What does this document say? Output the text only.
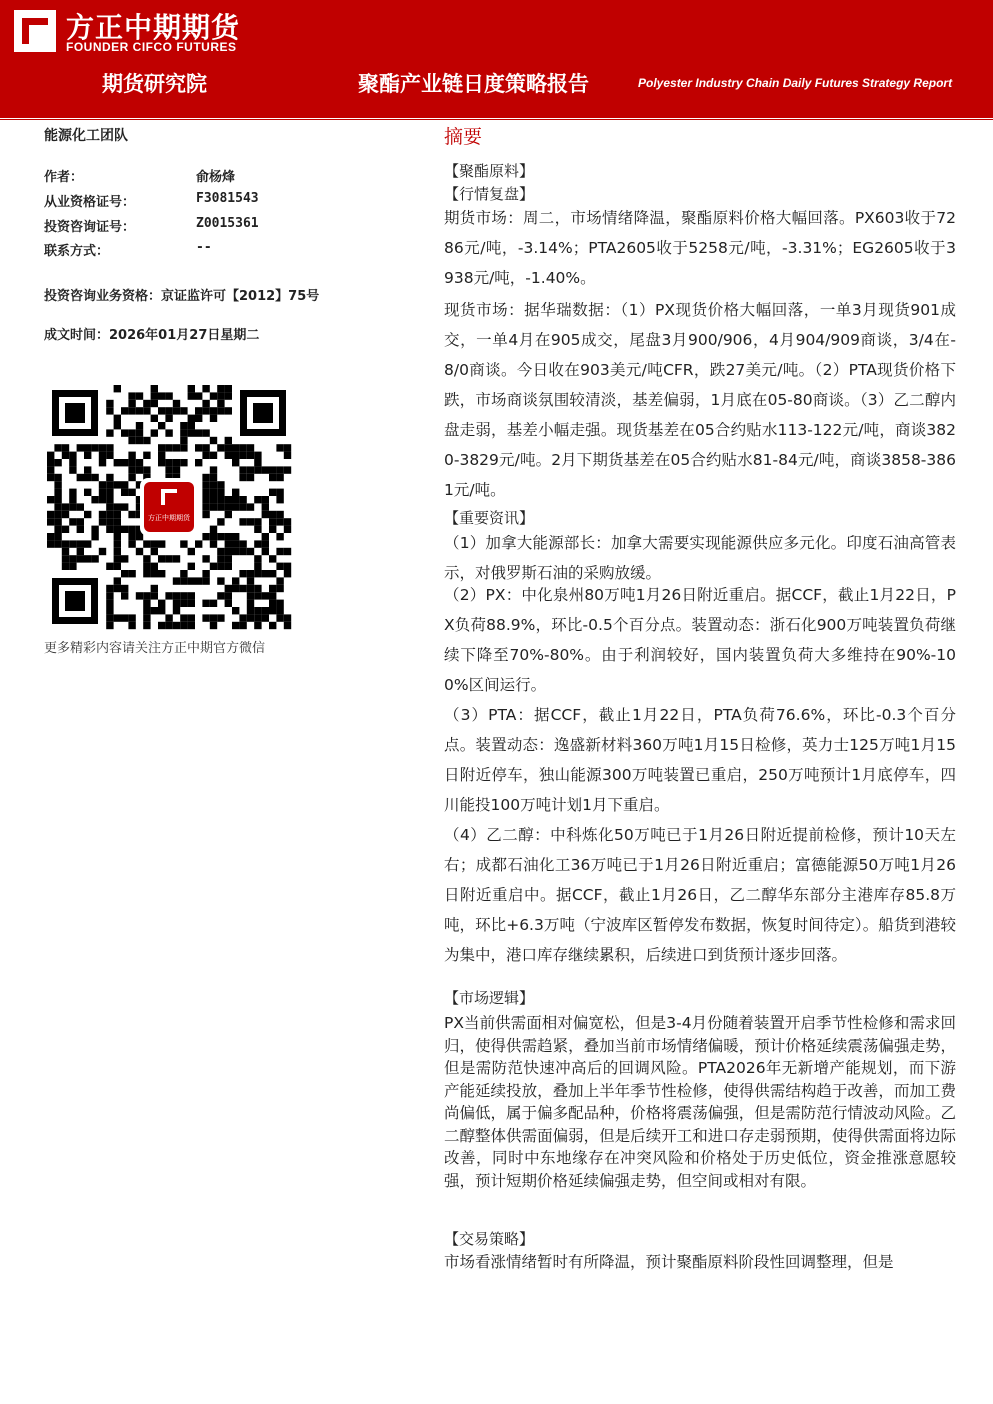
方正中期期货
FOUNDER CIFCO FUTURES
期货研究院	聚酯产业链日度策略报告	Polyester Industry Chain Daily Futures Strategy Report
能源化工团队
作者：	俞杨烽
从业资格证号：	F3081543
投资咨询证号：	Z0015361
联系方式：	--
投资咨询业务资格：京证监许可【2012】75号
成文时间：2026年01月27日星期二
方正中期期货
更多精彩内容请关注方正中期官方微信
摘要
【聚酯原料】
【行情复盘】
期货市场：周二，市场情绪降温，聚酯原料价格大幅回落。PX603收于7286元/吨，-3.14%；PTA2605收于5258元/吨，-3.31%；EG2605收于3938元/吨，-1.40%。
现货市场：据华瑞数据：（1）PX现货价格大幅回落，一单3月现货901成交，一单4月在905成交，尾盘3月900/906，4月904/909商谈，3/4在-8/0商谈。今日收在903美元/吨CFR，跌27美元/吨。（2）PTA现货价格下跌，市场商谈氛围较清淡，基差偏弱，1月底在05-80商谈。（3）乙二醇内盘走弱，基差小幅走强。现货基差在05合约贴水113-122元/吨，商谈3820-3829元/吨。2月下期货基差在05合约贴水81-84元/吨，商谈3858-3861元/吨。
【重要资讯】
（1）加拿大能源部长：加拿大需要实现能源供应多元化。印度石油高管表示，对俄罗斯石油的采购放缓。
（2）PX：中化泉州80万吨1月26日附近重启。据CCF，截止1月22日，PX负荷88.9%，环比-0.5个百分点。装置动态：浙石化900万吨装置负荷继续下降至70%-80%。由于利润较好，国内装置负荷大多维持在90%-100%区间运行。
（3）PTA：据CCF，截止1月22日，PTA负荷76.6%，环比-0.3个百分点。装置动态：逸盛新材料360万吨1月15日检修，英力士125万吨1月15日附近停车，独山能源300万吨装置已重启，250万吨预计1月底停车，四川能投100万吨计划1月下重启。
（4）乙二醇：中科炼化50万吨已于1月26日附近提前检修，预计10天左右；成都石油化工36万吨已于1月26日附近重启；富德能源50万吨1月26日附近重启中。据CCF，截止1月26日，乙二醇华东部分主港库存85.8万吨，环比+6.3万吨（宁波库区暂停发布数据，恢复时间待定）。船货到港较为集中，港口库存继续累积，后续进口到货预计逐步回落。
【市场逻辑】
PX当前供需面相对偏宽松，但是3-4月份随着装置开启季节性检修和需求回归，使得供需趋紧，叠加当前市场情绪偏暖，预计价格延续震荡偏强走势，但是需防范快速冲高后的回调风险。PTA2026年无新增产能规划，而下游产能延续投放，叠加上半年季节性检修，使得供需结构趋于改善，而加工费尚偏低，属于偏多配品种，价格将震荡偏强，但是需防范行情波动风险。乙二醇整体供需面偏弱，但是后续开工和进口存走弱预期，使得供需面将边际改善，同时中东地缘存在冲突风险和价格处于历史低位，资金推涨意愿较强，预计短期价格延续偏强走势，但空间或相对有限。
【交易策略】
市场看涨情绪暂时有所降温，预计聚酯原料阶段性回调整理，但是
